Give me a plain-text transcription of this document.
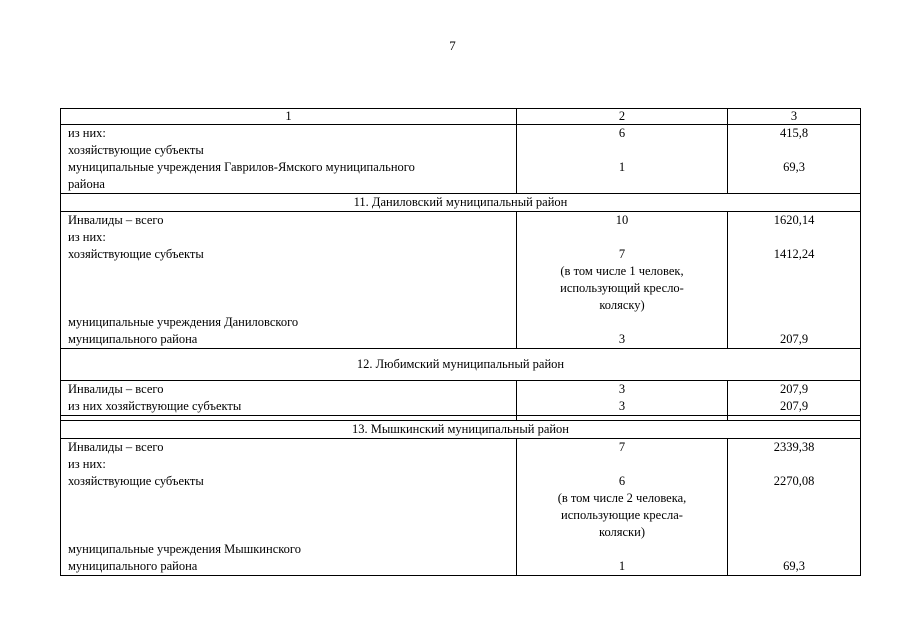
7
1	2	3
из них:	6	415,8
хозяйствующие субъекты		
муниципальные учреждения Гаврилов-Ямского муниципального	1	69,3
района		
11. Даниловский муниципальный район		
Инвалиды – всего	10	1620,14
из них:		
хозяйствующие субъекты	7	1412,24
	(в том числе 1 человек,	
	использующий кресло-	
	коляску)	
муниципальные учреждения Даниловского		
муниципального района	3	207,9
12. Любимский муниципальный район		
Инвалиды – всего	3	207,9
из них хозяйствующие субъекты	3	207,9

13. Мышкинский муниципальный район		
Инвалиды – всего	7	2339,38
из них:		
хозяйствующие субъекты	6	2270,08
	(в том числе 2 человека,	
	использующие кресла-	
	коляски)	
муниципальные учреждения Мышкинского		
муниципального района	1	69,3
